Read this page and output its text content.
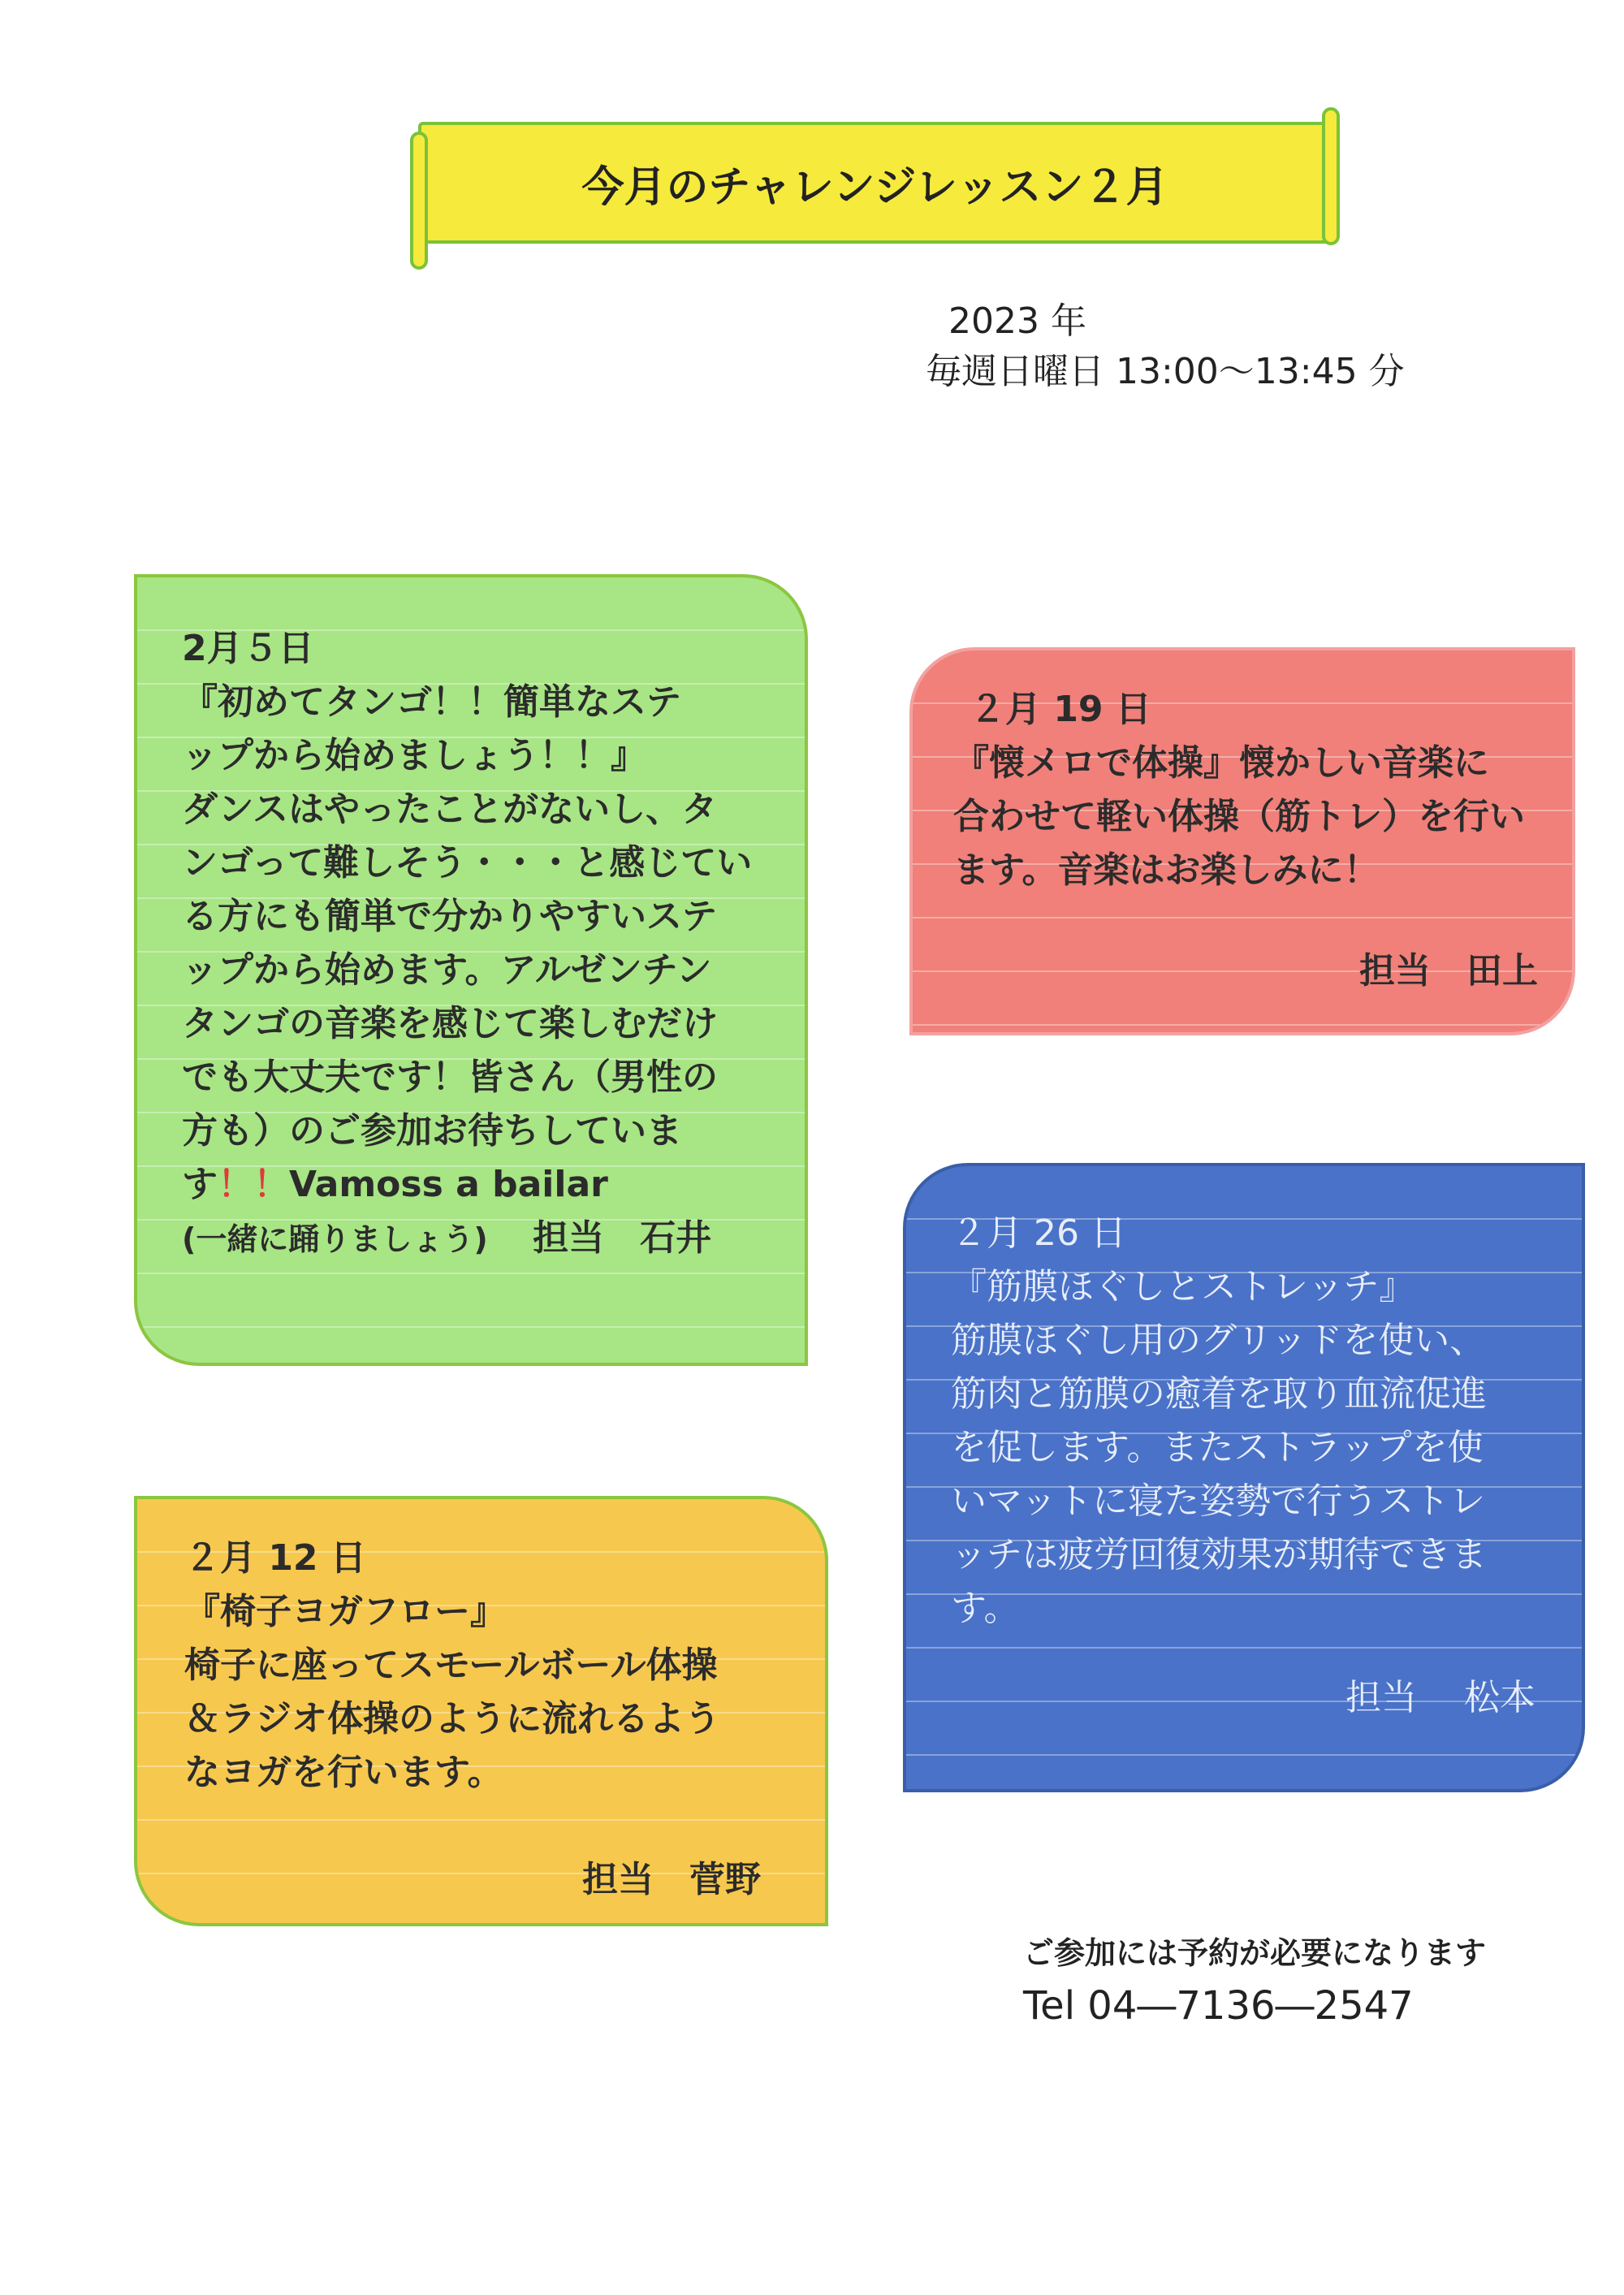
今月のチャレンジレッスン２月
2023 年
毎週日曜日 13:00～13:45 分
2月５日
『初めてタンゴ！！簡単なステ
ップから始めましょう！！』
ダンスはやったことがないし、タ
ンゴって難しそう・・・と感じてい
る方にも簡単で分かりやすいステ
ップから始めます。アルゼンチン
タンゴの音楽を感じて楽しむだけ
でも大丈夫です！皆さん（男性の
方も）のご参加お待ちしていま
す！！Vamoss a bailar
(一緒に踊りましょう) 担当　石井
２月 19 日
『懐メロで体操』懐かしい音楽に
合わせて軽い体操（筋トレ）を行い
ます。音楽はお楽しみに！
担当　田上
２月 26 日
『筋膜ほぐしとストレッチ』
筋膜ほぐし用のグリッドを使い、
筋肉と筋膜の癒着を取り血流促進
を促します。またストラップを使
いマットに寝た姿勢で行うストレ
ッチは疲労回復効果が期待できま
す。
担当　 松本
２月 12 日
『椅子ヨガフロー』
椅子に座ってスモールボール体操
＆ラジオ体操のように流れるよう
なヨガを行います。
担当　菅野
ご参加には予約が必要になります
Tel 04―7136―2547
